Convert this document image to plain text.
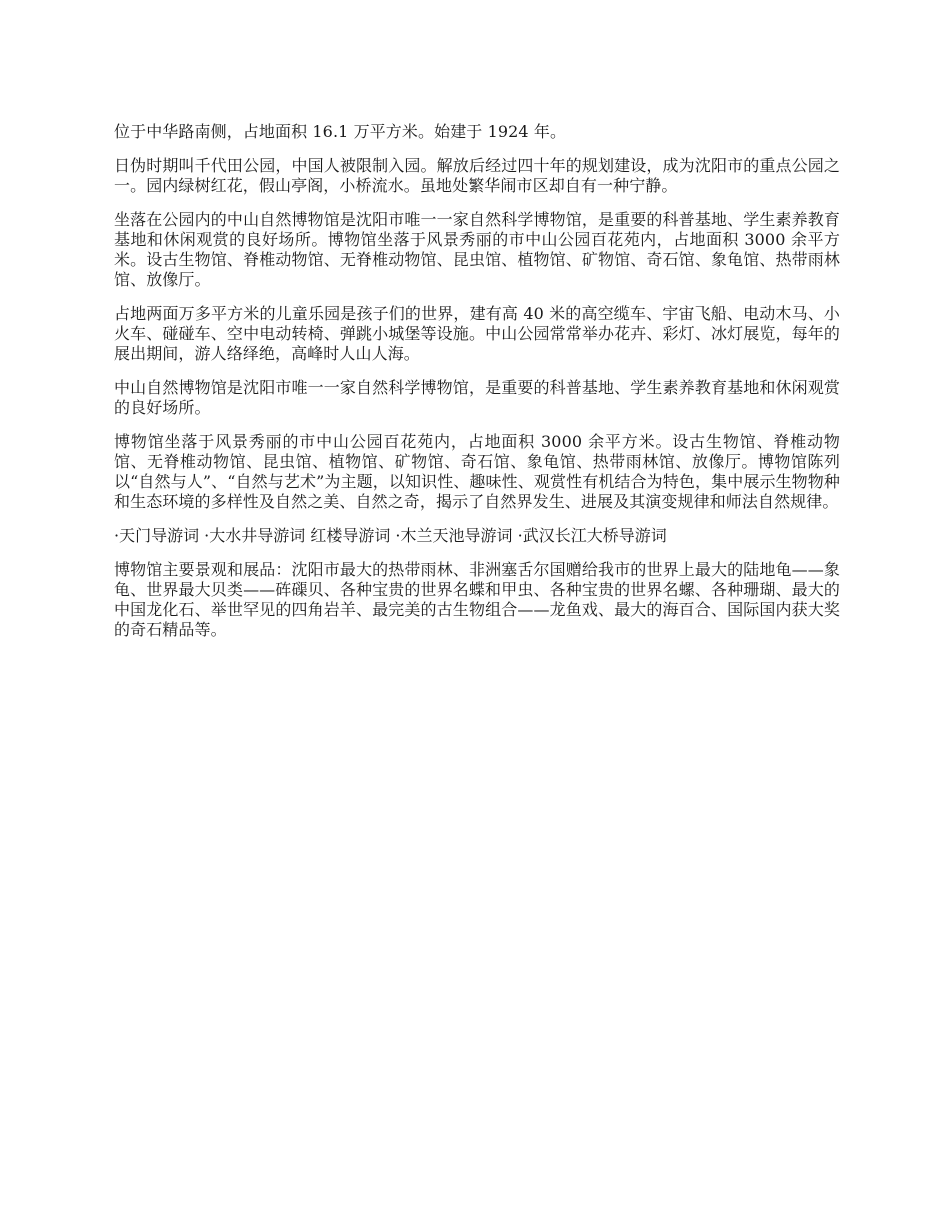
位于中华路南侧，占地面积 16.1 万平方米。始建于 1924 年。

日伪时期叫千代田公园，中国人被限制入园。解放后经过四十年的规划建设，成为沈阳市的重点公园之一。园内绿树红花，假山亭阁，小桥流水。虽地处繁华闹市区却自有一种宁静。

坐落在公园内的中山自然博物馆是沈阳市唯一一家自然科学博物馆，是重要的科普基地、学生素养教育基地和休闲观赏的良好场所。博物馆坐落于风景秀丽的市中山公园百花苑内，占地面积 3000 余平方米。设古生物馆、脊椎动物馆、无脊椎动物馆、昆虫馆、植物馆、矿物馆、奇石馆、象龟馆、热带雨林馆、放像厅。

占地两面万多平方米的儿童乐园是孩子们的世界，建有高 40 米的高空缆车、宇宙飞船、电动木马、小火车、碰碰车、空中电动转椅、弹跳小城堡等设施。中山公园常常举办花卉、彩灯、冰灯展览，每年的展出期间，游人络绎绝，高峰时人山人海。

中山自然博物馆是沈阳市唯一一家自然科学博物馆，是重要的科普基地、学生素养教育基地和休闲观赏的良好场所。

博物馆坐落于风景秀丽的市中山公园百花苑内，占地面积 3000 余平方米。设古生物馆、脊椎动物馆、无脊椎动物馆、昆虫馆、植物馆、矿物馆、奇石馆、象龟馆、热带雨林馆、放像厅。博物馆陈列以“自然与人”、“自然与艺术”为主题，以知识性、趣味性、观赏性有机结合为特色，集中展示生物物种和生态环境的多样性及自然之美、自然之奇，揭示了自然界发生、进展及其演变规律和师法自然规律。

·天门导游词 ·大水井导游词 红楼导游词 ·木兰天池导游词 ·武汉长江大桥导游词

博物馆主要景观和展品：沈阳市最大的热带雨林、非洲塞舌尔国赠给我市的世界上最大的陆地龟——象龟、世界最大贝类——砗磲贝、各种宝贵的世界名蝶和甲虫、各种宝贵的世界名螺、各种珊瑚、最大的中国龙化石、举世罕见的四角岩羊、最完美的古生物组合——龙鱼戏、最大的海百合、国际国内获大奖的奇石精品等。
